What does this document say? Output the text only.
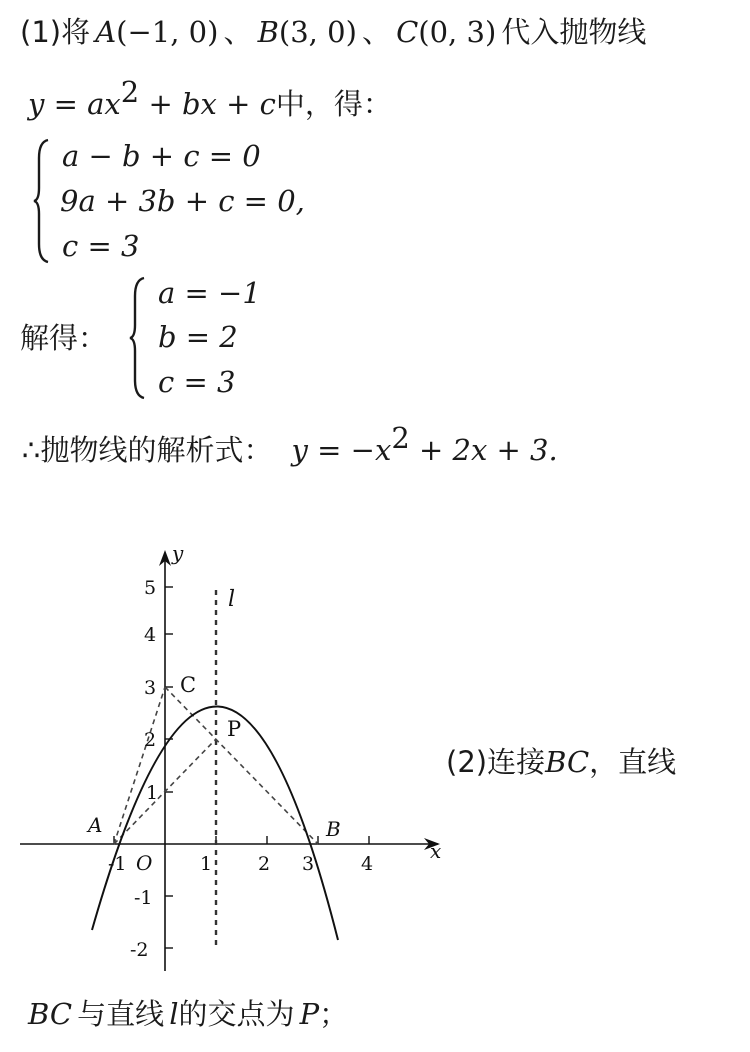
(1)将 A(−1, 0) 、 B(3, 0) 、 C(0, 3) 代入抛物线
$y = ax^2$ + bx + c中，得：
a − b + c = 0
9a + 3b + c = 0,
c = 3
解得：
a = −1
b = 2
c = 3
∴抛物线的解析式： $y = -x^2 + 2x + 3$.
x
y
l
A	B
C
P
O
-1	1 2 3 4
5
4
3
2
1
-1
-2
(2)连接BC，直线
BC 与直线 l的交点为 P；
